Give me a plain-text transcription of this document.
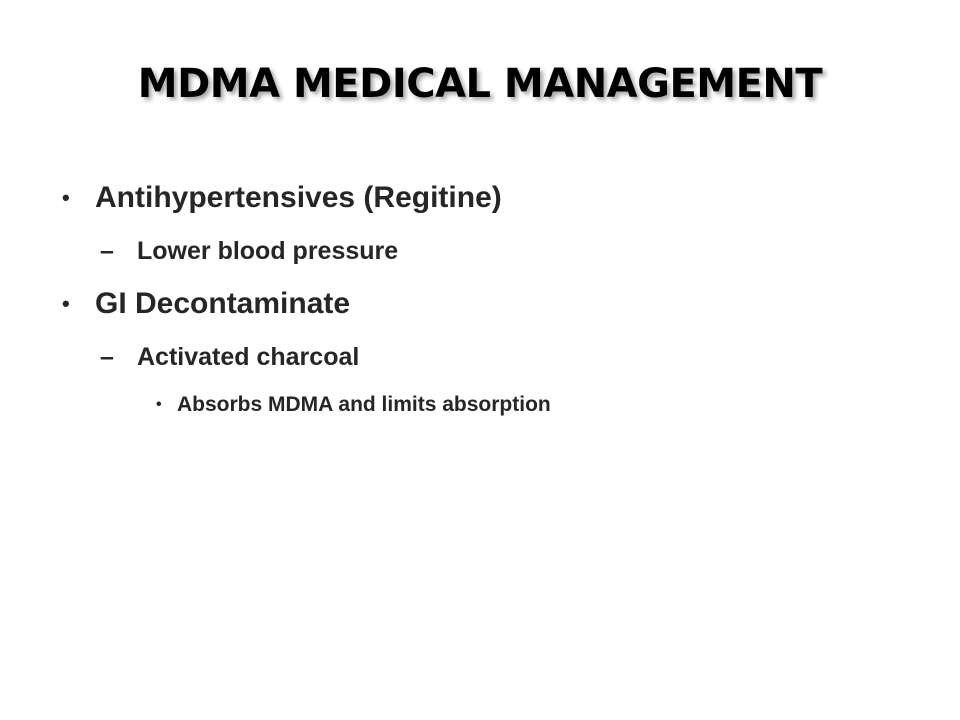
MDMA MEDICAL MANAGEMENT
• Antihypertensives (Regitine)
– Lower blood pressure
• GI Decontaminate
– Activated charcoal
• Absorbs MDMA and limits absorption
